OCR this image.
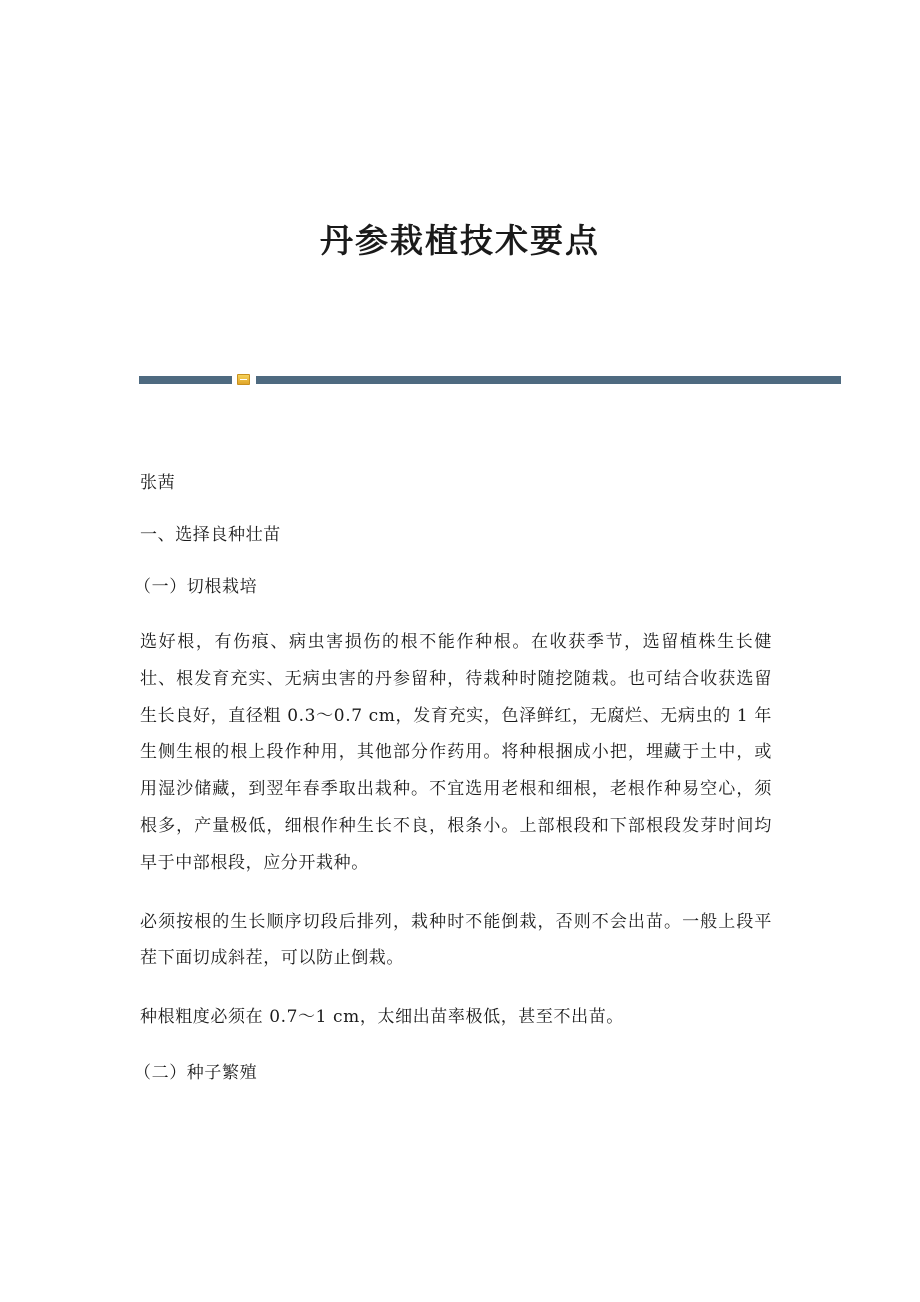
丹参栽植技术要点

张茜

一、选择良种壮苗

（一）切根栽培

选好根，有伤痕、病虫害损伤的根不能作种根。在收获季节，选留植株生长健壮、根发育充实、无病虫害的丹参留种，待栽种时随挖随栽。也可结合收获选留生长良好，直径粗 0.3～0.7 cm，发育充实，色泽鲜红，无腐烂、无病虫的 1 年生侧生根的根上段作种用，其他部分作药用。将种根捆成小把，埋藏于土中，或用湿沙储藏，到翌年春季取出栽种。不宜选用老根和细根，老根作种易空心，须根多，产量极低，细根作种生长不良，根条小。上部根段和下部根段发芽时间均早于中部根段，应分开栽种。

必须按根的生长顺序切段后排列，栽种时不能倒栽，否则不会出苗。一般上段平茬下面切成斜茬，可以防止倒栽。

种根粗度必须在 0.7～1 cm，太细出苗率极低，甚至不出苗。

（二）种子繁殖
